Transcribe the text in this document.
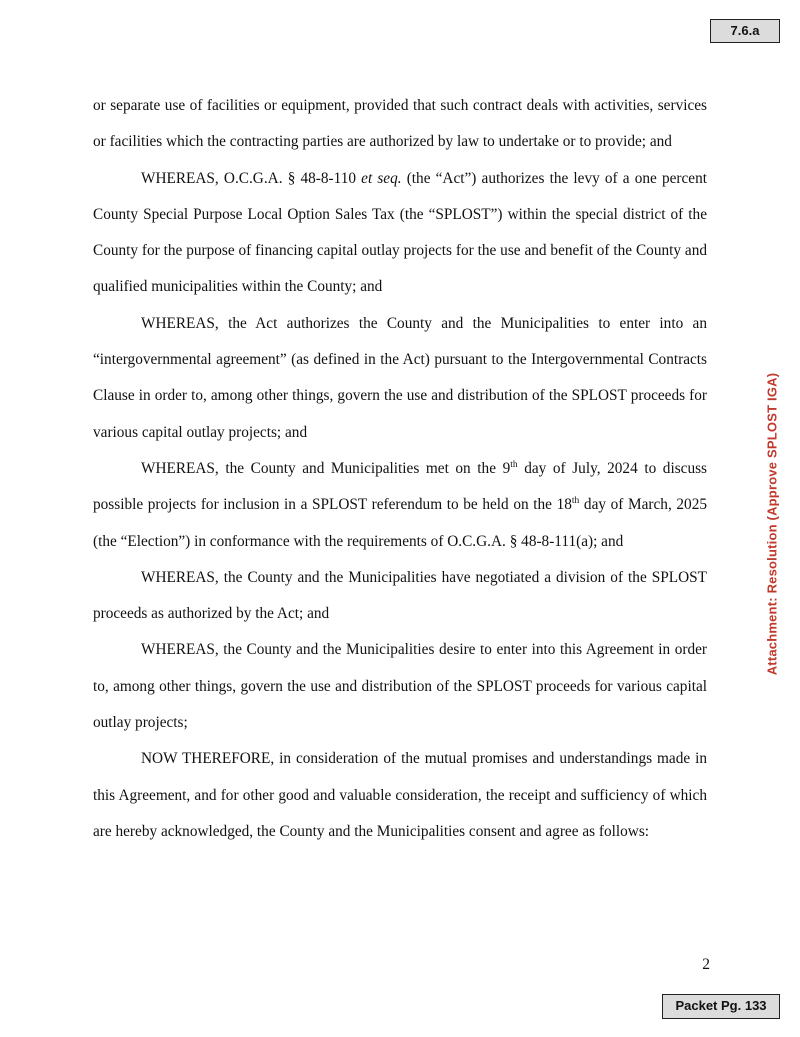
7.6.a
Attachment: Resolution (Approve SPLOST IGA)

or separate use of facilities or equipment, provided that such contract deals with activities, services or facilities which the contracting parties are authorized by law to undertake or to provide; and

WHEREAS, O.C.G.A. § 48-8-110 et seq. (the “Act”) authorizes the levy of a one percent County Special Purpose Local Option Sales Tax (the “SPLOST”) within the special district of the County for the purpose of financing capital outlay projects for the use and benefit of the County and qualified municipalities within the County; and

WHEREAS, the Act authorizes the County and the Municipalities to enter into an “intergovernmental agreement” (as defined in the Act) pursuant to the Intergovernmental Contracts Clause in order to, among other things, govern the use and distribution of the SPLOST proceeds for various capital outlay projects; and

WHEREAS, the County and Municipalities met on the 9th day of July, 2024 to discuss possible projects for inclusion in a SPLOST referendum to be held on the 18th day of March, 2025 (the “Election”) in conformance with the requirements of O.C.G.A. § 48-8-111(a); and

WHEREAS, the County and the Municipalities have negotiated a division of the SPLOST proceeds as authorized by the Act; and

WHEREAS, the County and the Municipalities desire to enter into this Agreement in order to, among other things, govern the use and distribution of the SPLOST proceeds for various capital outlay projects;

NOW THEREFORE, in consideration of the mutual promises and understandings made in this Agreement, and for other good and valuable consideration, the receipt and sufficiency of which are hereby acknowledged, the County and the Municipalities consent and agree as follows:

2
Packet Pg. 133
